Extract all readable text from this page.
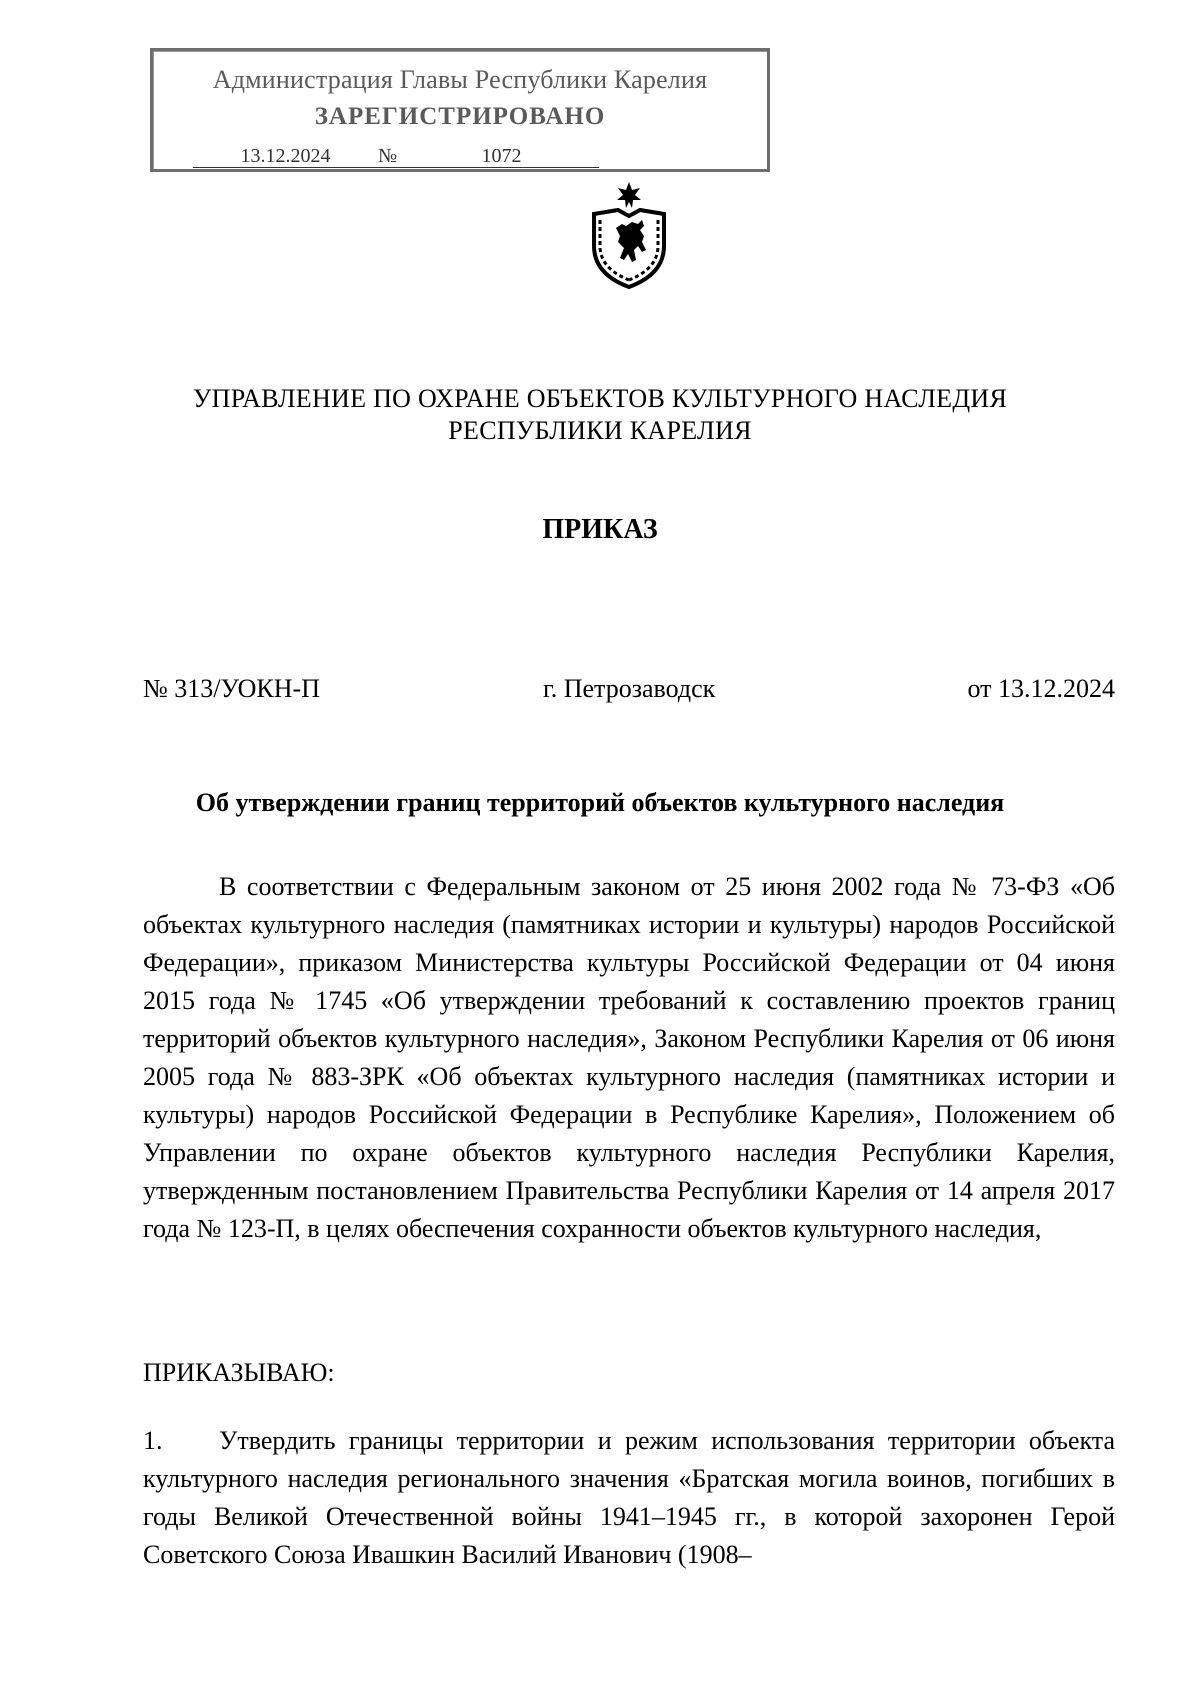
Администрация Главы Республики Карелия
ЗАРЕГИСТРИРОВАНО
13.12.2024 №	1072
УПРАВЛЕНИЕ ПО ОХРАНЕ ОБЪЕКТОВ КУЛЬТУРНОГО НАСЛЕДИЯ
РЕСПУБЛИКИ КАРЕЛИЯ
ПРИКАЗ
№ 313/УОКН-П	г. Петрозаводск	от 13.12.2024
Об утверждении границ территорий объектов культурного наследия
В соответствии с Федеральным законом от 25 июня 2002 года № 73-ФЗ «Об объектах культурного наследия (памятниках истории и культуры) народов Российской Федерации», приказом Министерства культуры Российской Федерации от 04 июня 2015 года № 1745 «Об утверждении требований к составлению проектов границ территорий объектов культурного наследия», Законом Республики Карелия от 06 июня 2005 года № 883-ЗРК «Об объектах культурного наследия (памятниках истории и культуры) народов Российской Федерации в Республике Карелия», Положением об Управлении по охране объектов культурного наследия Республики Карелия, утвержденным постановлением Правительства Республики Карелия от 14 апреля 2017 года № 123-П, в целях обеспечения сохранности объектов культурного наследия,
ПРИКАЗЫВАЮ:
1. Утвердить границы территории и режим использования территории объекта культурного наследия регионального значения «Братская могила воинов, погибших в годы Великой Отечественной войны 1941–1945 гг., в которой захоронен Герой Советского Союза Ивашкин Василий Иванович (1908–
